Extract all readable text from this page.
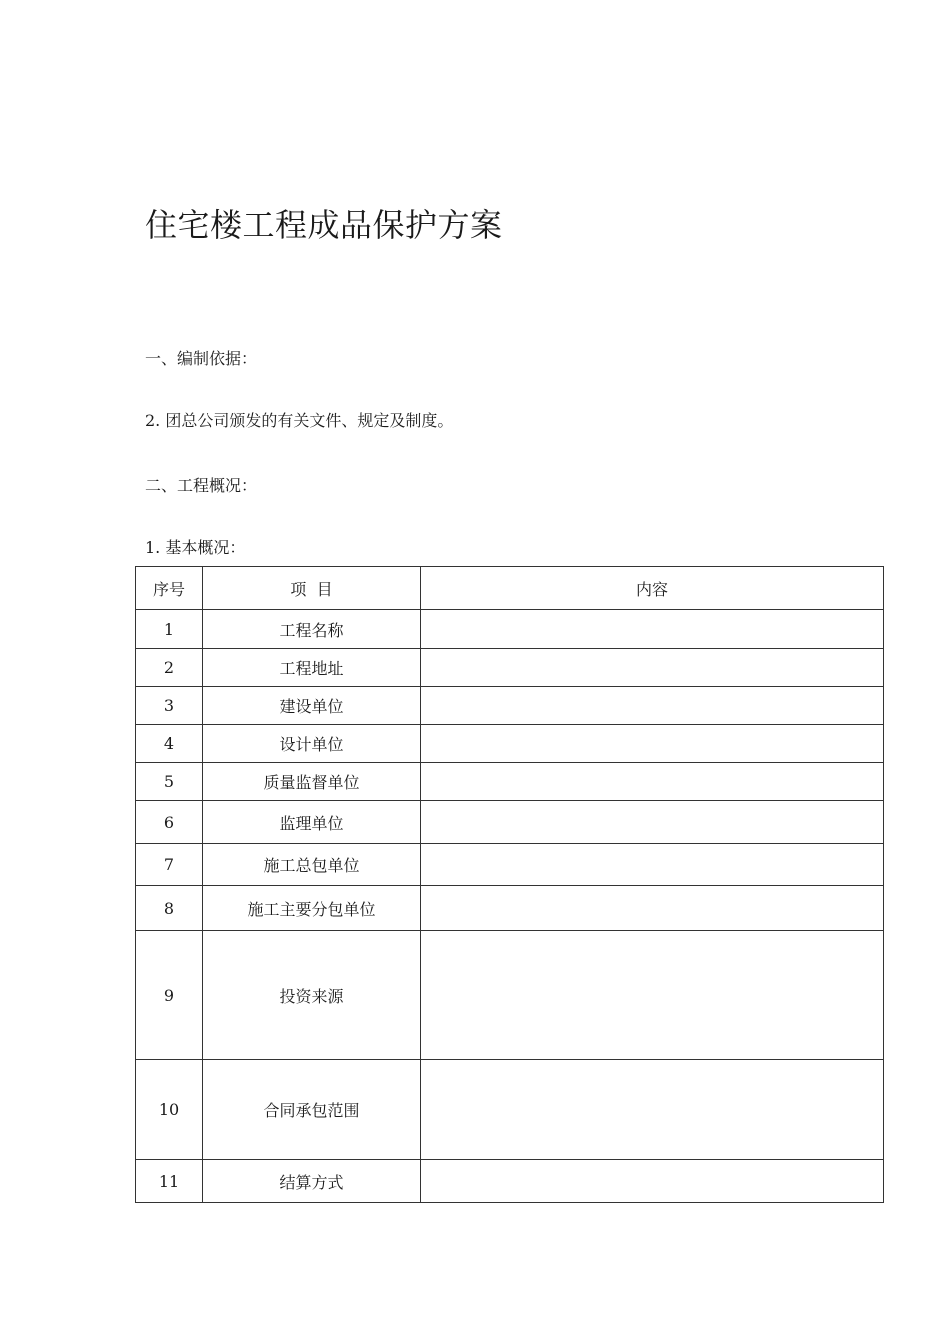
住宅楼工程成品保护方案
一、编制依据：
2. 团总公司颁发的有关文件、规定及制度。
二、工程概况：
1. 基本概况：
序号	项  目	内容
1	工程名称	
2	工程地址	
3	建设单位	
4	设计单位	
5	质量监督单位	
6	监理单位	
7	施工总包单位	
8	施工主要分包单位	
9	投资来源	
10	合同承包范围	
11	结算方式	
